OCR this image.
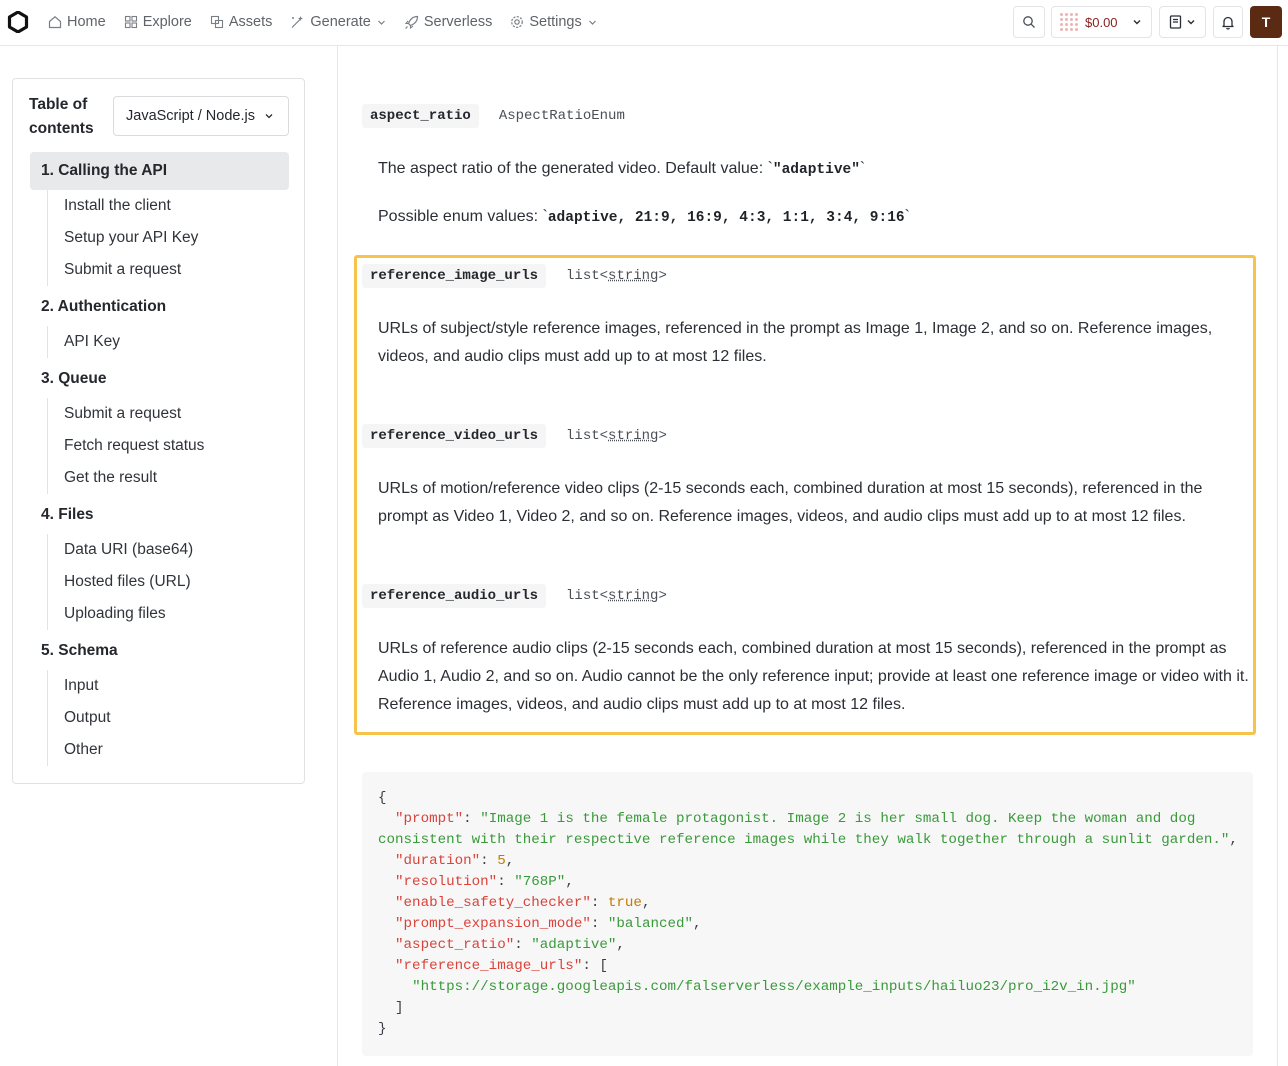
Home	Explore	Assets	Generate	Serverless	Settings	$0.00	T
Table of contents
JavaScript / Node.js
1. Calling the API
Install the client
Setup your API Key
Submit a request
2. Authentication
API Key
3. Queue
Submit a request
Fetch request status
Get the result
4. Files
Data URI (base64)
Hosted files (URL)
Uploading files
5. Schema
Input
Output
Other
aspect_ratio	AspectRatioEnum
The aspect ratio of the generated video. Default value: `"adaptive"`
Possible enum values: `adaptive, 21:9, 16:9, 4:3, 1:1, 3:4, 9:16`
reference_image_urls	list<string>
URLs of subject/style reference images, referenced in the prompt as Image 1, Image 2, and so on. Reference images, videos, and audio clips must add up to at most 12 files.
reference_video_urls	list<string>
URLs of motion/reference video clips (2-15 seconds each, combined duration at most 15 seconds), referenced in the prompt as Video 1, Video 2, and so on. Reference images, videos, and audio clips must add up to at most 12 files.
reference_audio_urls	list<string>
URLs of reference audio clips (2-15 seconds each, combined duration at most 15 seconds), referenced in the prompt as Audio 1, Audio 2, and so on. Audio cannot be the only reference input; provide at least one reference image or video with it. Reference images, videos, and audio clips must add up to at most 12 files.
{
"prompt": "Image 1 is the female protagonist. Image 2 is her small dog. Keep the woman and dog
consistent with their respective reference images while they walk together through a sunlit garden.",
"duration": 5,
"resolution": "768P",
"enable_safety_checker": true,
"prompt_expansion_mode": "balanced",
"aspect_ratio": "adaptive",
"reference_image_urls": [
"https://storage.googleapis.com/falserverless/example_inputs/hailuo23/pro_i2v_in.jpg"
]
}
